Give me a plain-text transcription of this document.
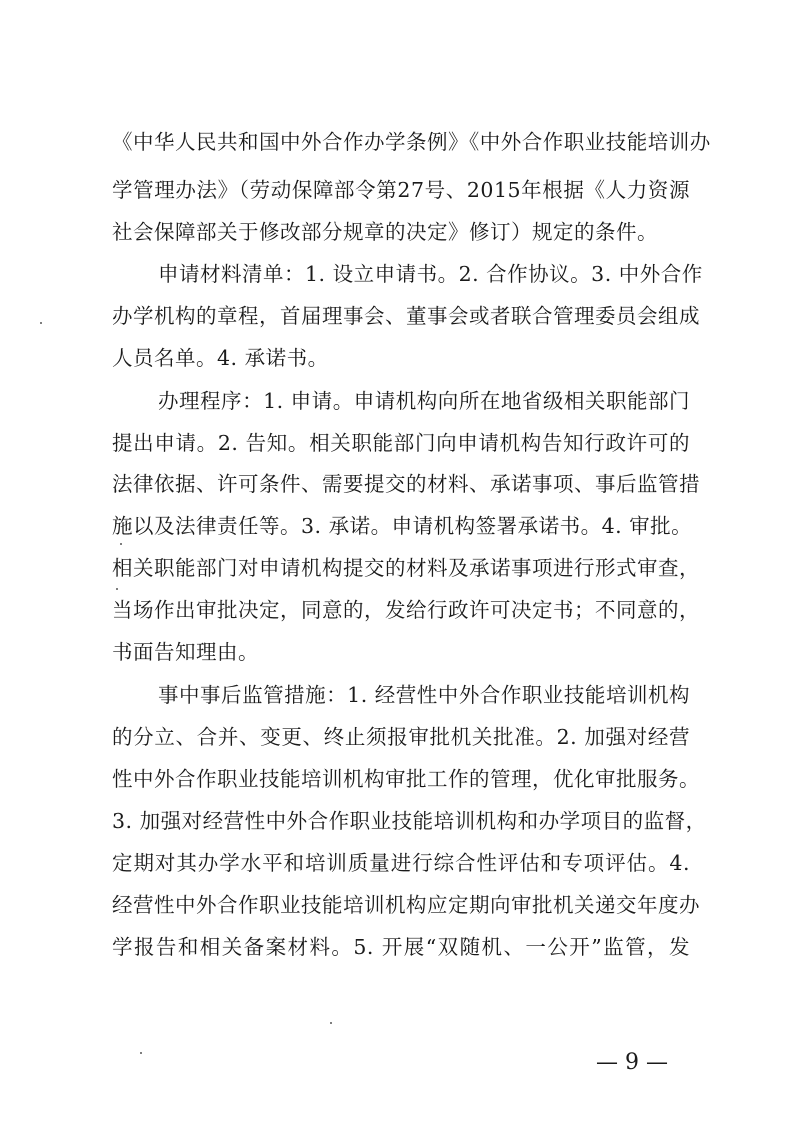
《中华人民共和国中外合作办学条例》《中外合作职业技能培训办
学管理办法》（劳动保障部令第27号、2015年根据《人力资源
社会保障部关于修改部分规章的决定》修订）规定的条件。
申请材料清单：1. 设立申请书。2. 合作协议。3. 中外合作
办学机构的章程，首届理事会、董事会或者联合管理委员会组成
人员名单。4. 承诺书。
办理程序：1. 申请。申请机构向所在地省级相关职能部门
提出申请。2. 告知。相关职能部门向申请机构告知行政许可的
法律依据、许可条件、需要提交的材料、承诺事项、事后监管措
施以及法律责任等。3. 承诺。申请机构签署承诺书。4. 审批。
相关职能部门对申请机构提交的材料及承诺事项进行形式审查，
当场作出审批决定，同意的，发给行政许可决定书；不同意的，
书面告知理由。
事中事后监管措施：1. 经营性中外合作职业技能培训机构
的分立、合并、变更、终止须报审批机关批准。2. 加强对经营
性中外合作职业技能培训机构审批工作的管理，优化审批服务。
3. 加强对经营性中外合作职业技能培训机构和办学项目的监督，
定期对其办学水平和培训质量进行综合性评估和专项评估。4.
经营性中外合作职业技能培训机构应定期向审批机关递交年度办
学报告和相关备案材料。5. 开展“双随机、一公开”监管，发
— 9 —
